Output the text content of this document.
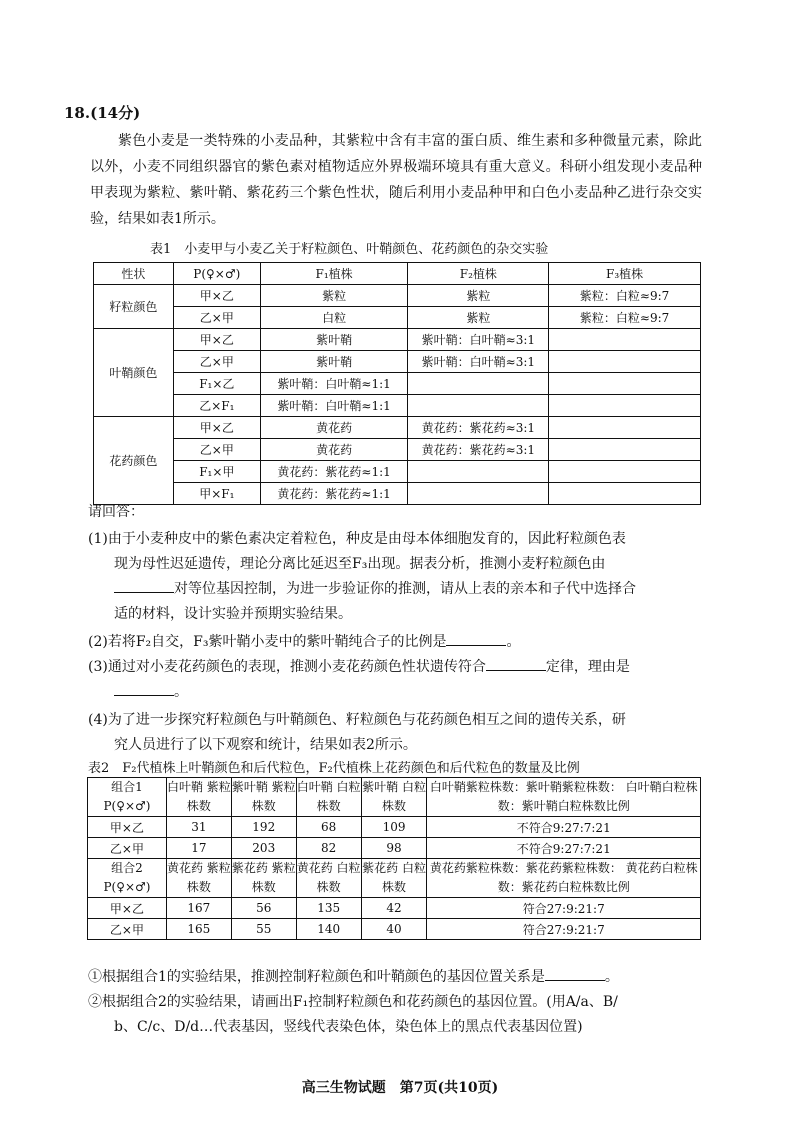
18.(14分)

紫色小麦是一类特殊的小麦品种，其紫粒中含有丰富的蛋白质、维生素和多种微量元素，除此以外，小麦不同组织器官的紫色素对植物适应外界极端环境具有重大意义。科研小组发现小麦品种甲表现为紫粒、紫叶鞘、紫花药三个紫色性状，随后利用小麦品种甲和白色小麦品种乙进行杂交实验，结果如表1所示。

表1　小麦甲与小麦乙关于籽粒颜色、叶鞘颜色、花药颜色的杂交实验
性状	P(♀×♂)	F₁植株	F₂植株	F₃植株
籽粒颜色	甲×乙	紫粒	紫粒	紫粒：白粒≈9:7
	乙×甲	白粒	紫粒	紫粒：白粒≈9:7
叶鞘颜色	甲×乙	紫叶鞘	紫叶鞘：白叶鞘≈3:1	
	乙×甲	紫叶鞘	紫叶鞘：白叶鞘≈3:1	
	F₁×乙	紫叶鞘：白叶鞘≈1:1		
	乙×F₁	紫叶鞘：白叶鞘≈1:1		
花药颜色	甲×乙	黄花药	黄花药：紫花药≈3:1	
	乙×甲	黄花药	黄花药：紫花药≈3:1	
	F₁×甲	黄花药：紫花药≈1:1		
	甲×F₁	黄花药：紫花药≈1:1		
请回答：
(1)由于小麦种皮中的紫色素决定着粒色，种皮是由母本体细胞发育的，因此籽粒颜色表
现为母性迟延遗传，理论分离比延迟至F₃出现。据表分析，推测小麦籽粒颜色由
对等位基因控制，为进一步验证你的推测，请从上表的亲本和子代中选择合
适的材料，设计实验并预期实验结果。
(2)若将F₂自交，F₃紫叶鞘小麦中的紫叶鞘纯合子的比例是	。
(3)通过对小麦花药颜色的表现，推测小麦花药颜色性状遗传符合	定律，理由是
。
(4)为了进一步探究籽粒颜色与叶鞘颜色、籽粒颜色与花药颜色相互之间的遗传关系，研
究人员进行了以下观察和统计，结果如表2所示。
表2　F₂代植株上叶鞘颜色和后代粒色，F₂代植株上花药颜色和后代粒色的数量及比例
组合1 P(♀×♂)	白叶鞘 紫粒株数	紫叶鞘 紫粒株数	白叶鞘 白粒株数	紫叶鞘 白粒株数	白叶鞘紫粒株数：紫叶鞘紫粒株数： 白叶鞘白粒株数：紫叶鞘白粒株数比例
甲×乙	31	192	68	109	不符合9:27:7:21
乙×甲	17	203	82	98	不符合9:27:7:21
组合2 P(♀×♂)	黄花药 紫粒株数	紫花药 紫粒株数	黄花药 白粒株数	紫花药 白粒株数	黄花药紫粒株数：紫花药紫粒株数： 黄花药白粒株数：紫花药白粒株数比例
甲×乙	167	56	135	42	符合27:9:21:7
乙×甲	165	55	140	40	符合27:9:21:7
①根据组合1的实验结果，推测控制籽粒颜色和叶鞘颜色的基因位置关系是	。
②根据组合2的实验结果，请画出F₁控制籽粒颜色和花药颜色的基因位置。(用A/a、B/
b、C/c、D/d…代表基因，竖线代表染色体，染色体上的黑点代表基因位置)
高三生物试题　第7页(共10页)
